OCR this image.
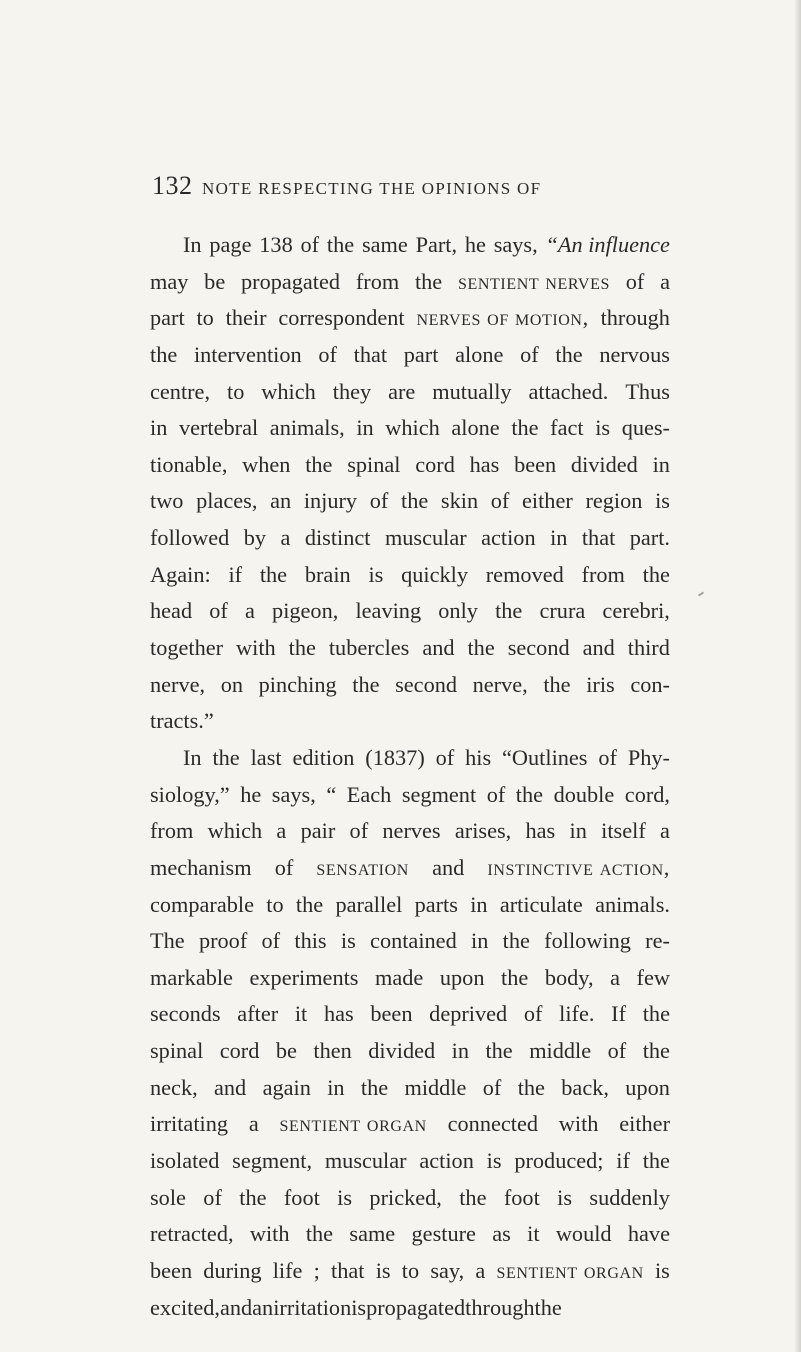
132 NOTE RESPECTING THE OPINIONS OF
In page 138 of the same Part, he says, “An influence
may be propagated from the sentient nerves of a
part to their correspondent nerves of motion, through
the intervention of that part alone of the nervous
centre, to which they are mutually attached. Thus
in vertebral animals, in which alone the fact is ques-
tionable, when the spinal cord has been divided in
two places, an injury of the skin of either region is
followed by a distinct muscular action in that part.
Again: if the brain is quickly removed from the
head of a pigeon, leaving only the crura cerebri,
together with the tubercles and the second and third
nerve, on pinching the second nerve, the iris con-
tracts.”
In the last edition (1837) of his “Outlines of Phy-
siology,” he says, “ Each segment of the double cord,
from which a pair of nerves arises, has in itself a
mechanism of sensation and instinctive action,
comparable to the parallel parts in articulate animals.
The proof of this is contained in the following re-
markable experiments made upon the body, a few
seconds after it has been deprived of life. If the
spinal cord be then divided in the middle of the
neck, and again in the middle of the back, upon
irritating a sentient organ connected with either
isolated segment, muscular action is produced; if the
sole of the foot is pricked, the foot is suddenly
retracted, with the same gesture as it would have
been during life ; that is to say, a sentient organ is
excited, and an irritation is propagated through the
